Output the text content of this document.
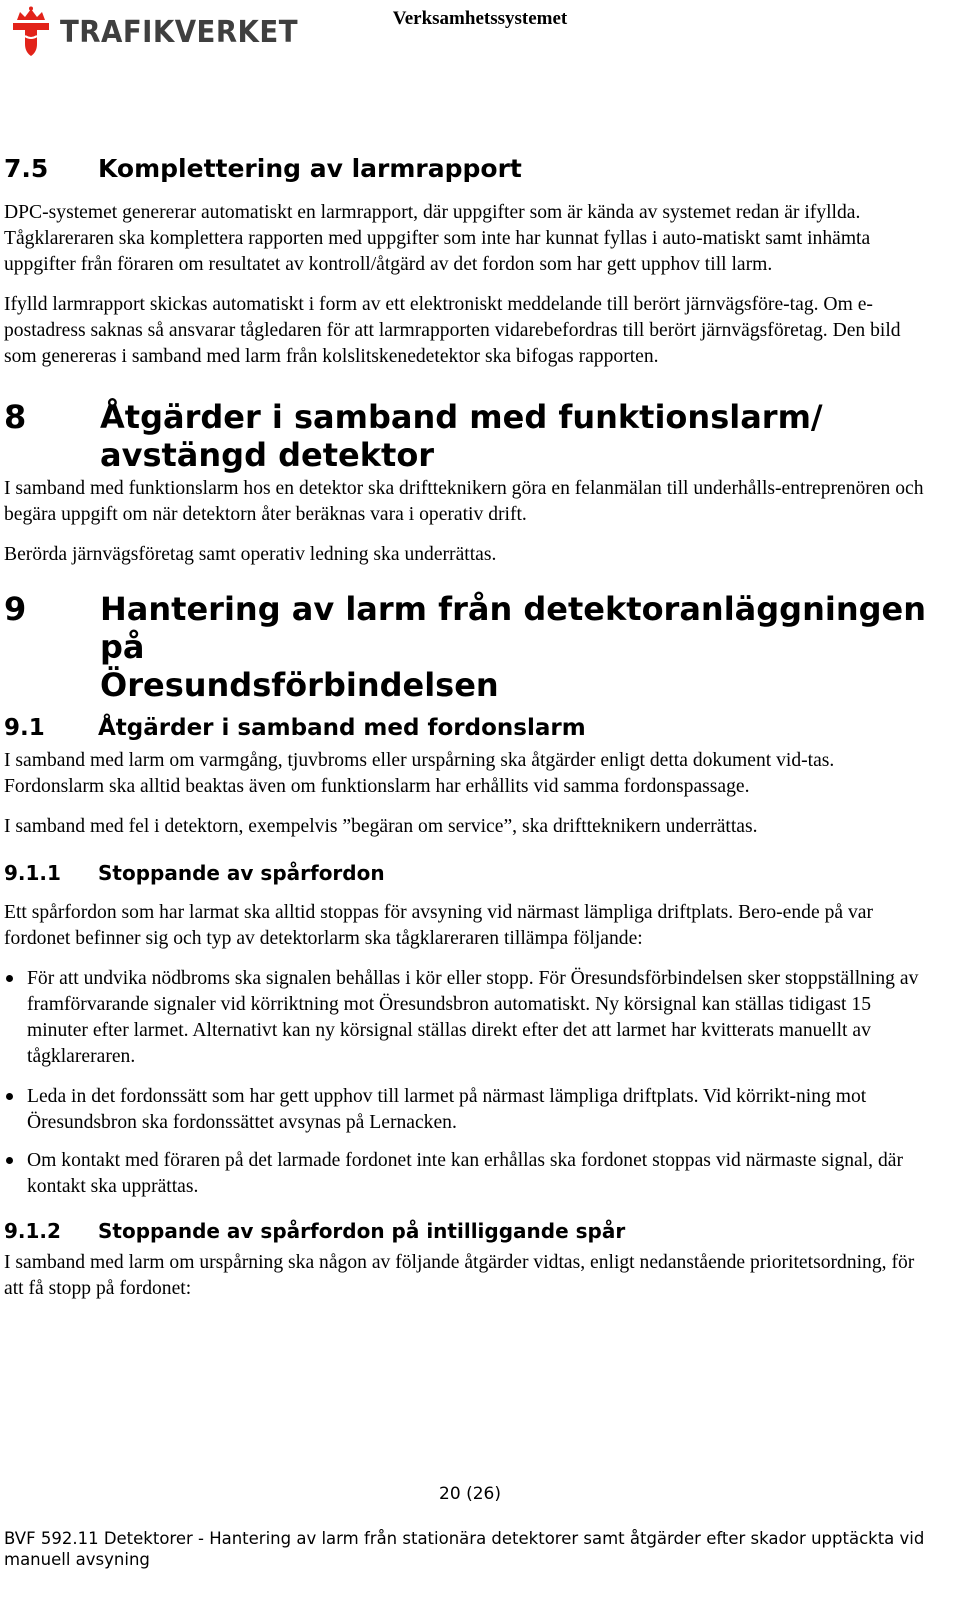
TRAFIKVERKET	Verksamhetssystemet
7.5	Komplettering av larmrapport

DPC-systemet genererar automatiskt en larmrapport, där uppgifter som är kända av systemet redan är ifyllda. Tågklareraren ska komplettera rapporten med uppgifter som inte har kunnat fyllas i auto-matiskt samt inhämta uppgifter från föraren om resultatet av kontroll/åtgärd av det fordon som har gett upphov till larm.

Ifylld larmrapport skickas automatiskt i form av ett elektroniskt meddelande till berört järnvägsföre-tag. Om e-postadress saknas så ansvarar tågledaren för att larmrapporten vidarebefordras till berört järnvägsföretag. Den bild som genereras i samband med larm från kolslitskenedetektor ska bifogas rapporten.

8	Åtgärder i samband med funktionslarm/
avstängd detektor

I samband med funktionslarm hos en detektor ska driftteknikern göra en felanmälan till underhålls-entreprenören och begära uppgift om när detektorn åter beräknas vara i operativ drift.

Berörda järnvägsföretag samt operativ ledning ska underrättas.

9	Hantering av larm från detektoranläggningen på
Öresundsförbindelsen
9.1	Åtgärder i samband med fordonslarm

I samband med larm om varmgång, tjuvbroms eller urspårning ska åtgärder enligt detta dokument vid-tas. Fordonslarm ska alltid beaktas även om funktionslarm har erhållits vid samma fordonspassage.

I samband med fel i detektorn, exempelvis ”begäran om service”, ska driftteknikern underrättas.

9.1.1	Stoppande av spårfordon

Ett spårfordon som har larmat ska alltid stoppas för avsyning vid närmast lämpliga driftplats. Bero-ende på var fordonet befinner sig och typ av detektorlarm ska tågklareraren tillämpa följande:

För att undvika nödbroms ska signalen behållas i kör eller stopp. För Öresundsförbindelsen sker stoppställning av framförvarande signaler vid körriktning mot Öresundsbron automatiskt. Ny körsignal kan ställas tidigast 15 minuter efter larmet. Alternativt kan ny körsignal ställas direkt efter det att larmet har kvitterats manuellt av tågklareraren.
Leda in det fordonssätt som har gett upphov till larmet på närmast lämpliga driftplats. Vid körrikt-ning mot Öresundsbron ska fordonssättet avsynas på Lernacken.
Om kontakt med föraren på det larmade fordonet inte kan erhållas ska fordonet stoppas vid närmaste signal, där kontakt ska upprättas.
9.1.2	Stoppande av spårfordon på intilliggande spår

I samband med larm om urspårning ska någon av följande åtgärder vidtas, enligt nedanstående prioritetsordning, för att få stopp på fordonet:

20 (26)
BVF 592.11 Detektorer - Hantering av larm från stationära detektorer samt åtgärder efter skador upptäckta vid manuell avsyning
